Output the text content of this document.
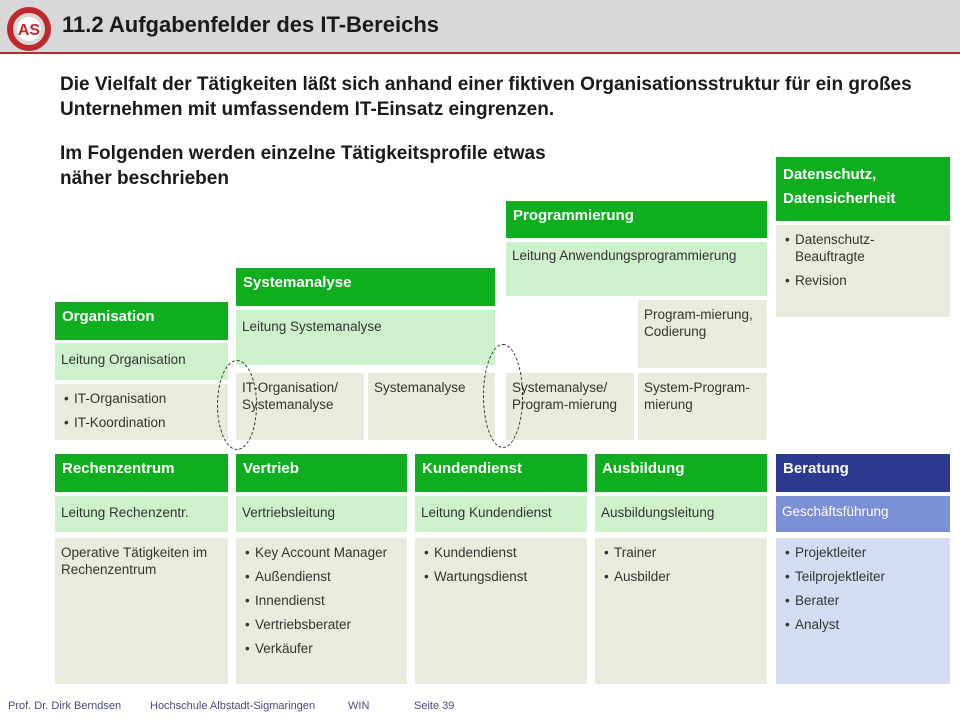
AS 11.2 Aufgabenfelder des IT-Bereichs
Die Vielfalt der Tätigkeiten läßt sich anhand einer fiktiven Organisationsstruktur für ein großes Unternehmen mit umfassendem IT-Einsatz eingrenzen.
Im Folgenden werden einzelne Tätigkeitsprofile etwas näher beschrieben
Organisation
Leitung Organisation
• IT-Organisation
• IT-Koordination
Systemanalyse
Leitung Systemanalyse
IT-Organisation/ Systemanalyse
Systemanalyse
Programmierung
Leitung Anwendungsprogrammierung
Program-mierung, Codierung
Systemanalyse/ Program-mierung
System-Program-mierung
Datenschutz, Datensicherheit
• Datenschutz-Beauftragte
• Revision
Rechenzentrum
Leitung Rechenzentr.
Operative Tätigkeiten im Rechenzentrum
Vertrieb
Vertriebsleitung
• Key Account Manager
• Außendienst
• Innendienst
• Vertriebsberater
• Verkäufer
Kundendienst
Leitung Kundendienst
• Kundendienst
• Wartungsdienst
Ausbildung
Ausbildungsleitung
• Trainer
• Ausbilder
Beratung
Geschäftsführung
• Projektleiter
• Teilprojektleiter
• Berater
• Analyst
Prof. Dr. Dirk Berndsen	Hochschule Albstadt-Sigmaringen	WIN	Seite 39
